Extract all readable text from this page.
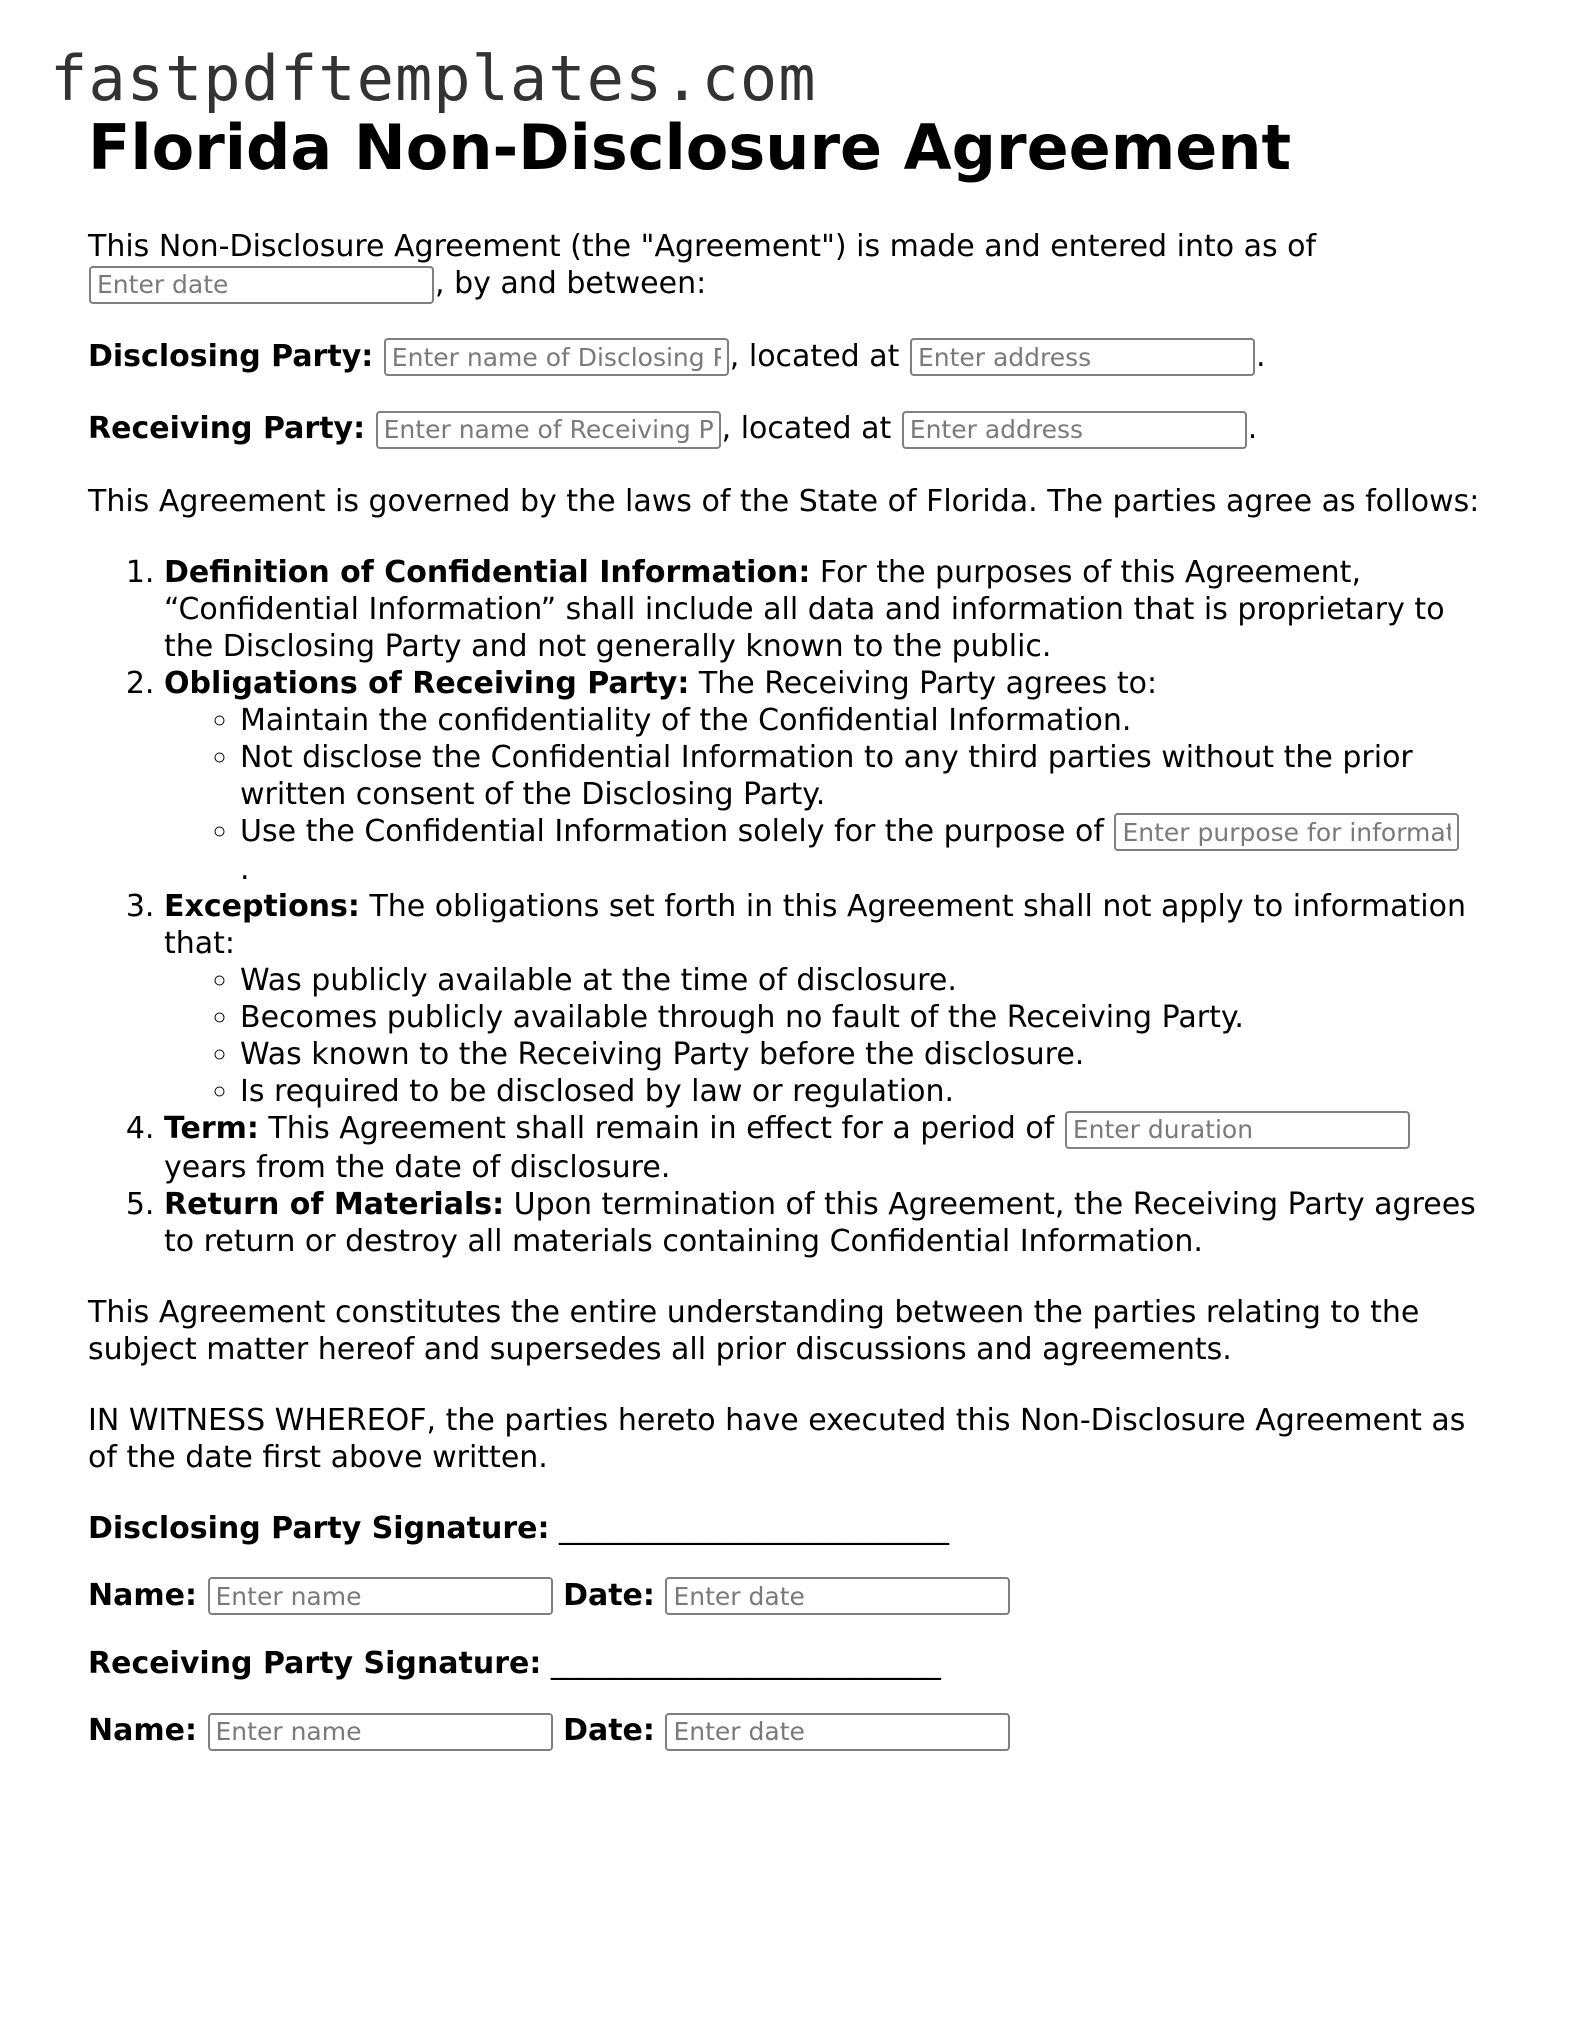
fastpdftemplates.com
Florida Non-Disclosure Agreement

This Non-Disclosure Agreement (the "Agreement") is made and entered into as of
Enter date, by and between:

Disclosing Party: Enter name of Disclosing Party	, located at Enter address	.
Receiving Party: Enter name of Receiving Party	, located at Enter address	.

This Agreement is governed by the laws of the State of Florida. The parties agree as follows:

1. Definition of Confidential Information: For the purposes of this Agreement, “Confidential Information” shall include all data and information that is proprietary to the Disclosing Party and not generally known to the public.
2. Obligations of Receiving Party: The Receiving Party agrees to:
◦ Maintain the confidentiality of the Confidential Information.
◦ Not disclose the Confidential Information to any third parties without the prior written consent of the Disclosing Party.
◦ Use the Confidential Information solely for the purpose of Enter purpose for information use
.
3. Exceptions: The obligations set forth in this Agreement shall not apply to information that:
◦ Was publicly available at the time of disclosure.
◦ Becomes publicly available through no fault of the Receiving Party.
◦ Was known to the Receiving Party before the disclosure.
◦ Is required to be disclosed by law or regulation.
4. Term: This Agreement shall remain in effect for a period of Enter duration
years from the date of disclosure.
5. Return of Materials: Upon termination of this Agreement, the Receiving Party agrees to return or destroy all materials containing Confidential Information.

This Agreement constitutes the entire understanding between the parties relating to the subject matter hereof and supersedes all prior discussions and agreements.

IN WITNESS WHEREOF, the parties hereto have executed this Non-Disclosure Agreement as of the date first above written.

Disclosing Party Signature: __________________________
Name: Enter name	Date: Enter date
Receiving Party Signature: __________________________
Name: Enter name	Date: Enter date
